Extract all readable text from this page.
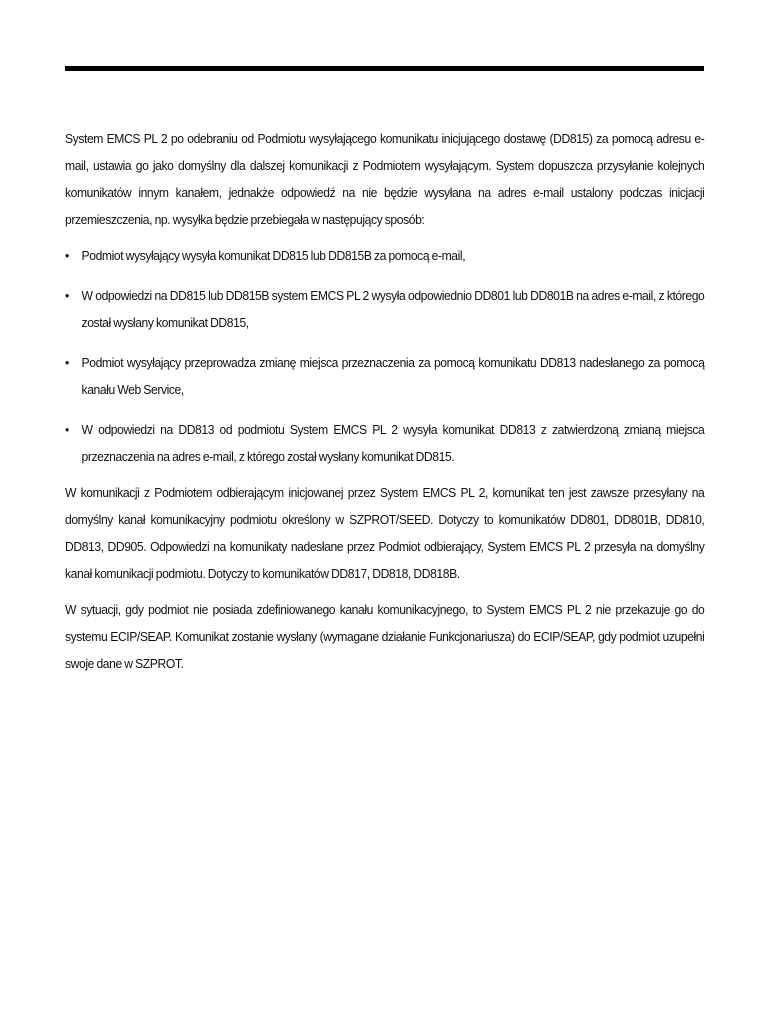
System EMCS PL 2 po odebraniu od Podmiotu wysyłającego komunikatu inicjującego dostawę (DD815) za pomocą adresu e-mail, ustawia go jako domyślny dla dalszej komunikacji z Podmiotem wysyłającym. System dopuszcza przysyłanie kolejnych komunikatów innym kanałem, jednakże odpowiedź na nie będzie wysyłana na adres e-mail ustalony podczas inicjacji przemieszczenia, np. wysyłka będzie przebiegała w następujący sposób:

• Podmiot wysyłający wysyła komunikat DD815 lub DD815B za pomocą e-mail,
• W odpowiedzi na DD815 lub DD815B system EMCS PL 2 wysyła odpowiednio DD801 lub DD801B na adres e-mail, z którego został wysłany komunikat DD815,
• Podmiot wysyłający przeprowadza zmianę miejsca przeznaczenia za pomocą komunikatu DD813 nadesłanego za pomocą kanału Web Service,
• W odpowiedzi na DD813 od podmiotu System EMCS PL 2 wysyła komunikat DD813 z zatwierdzoną zmianą miejsca przeznaczenia na adres e-mail, z którego został wysłany komunikat DD815.

W komunikacji z Podmiotem odbierającym inicjowanej przez System EMCS PL 2, komunikat ten jest zawsze przesyłany na domyślny kanał komunikacyjny podmiotu określony w SZPROT/SEED. Dotyczy to komunikatów DD801, DD801B, DD810, DD813, DD905. Odpowiedzi na komunikaty nadesłane przez Podmiot odbierający, System EMCS PL 2 przesyła na domyślny kanał komunikacji podmiotu. Dotyczy to komunikatów DD817, DD818, DD818B.

W sytuacji, gdy podmiot nie posiada zdefiniowanego kanału komunikacyjnego, to System EMCS PL 2 nie przekazuje go do systemu ECIP/SEAP. Komunikat zostanie wysłany (wymagane działanie Funkcjonariusza) do ECIP/SEAP, gdy podmiot uzupełni swoje dane w SZPROT.
